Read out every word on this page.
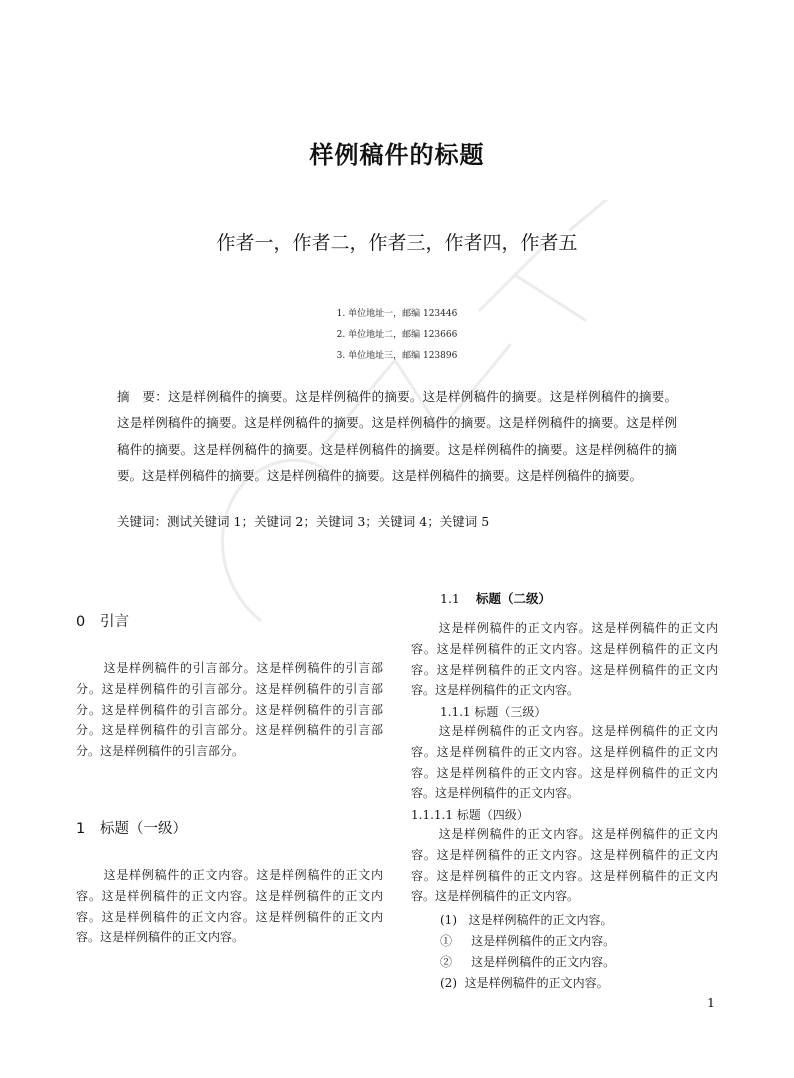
样例稿件的标题
作者一，作者二，作者三，作者四，作者五
1. 单位地址一，邮编 123446
2. 单位地址二，邮编 123666
3. 单位地址三，邮编 123896
摘　要：这是样例稿件的摘要。这是样例稿件的摘要。这是样例稿件的摘要。这是样例稿件的摘要。这是样例稿件的摘要。这是样例稿件的摘要。这是样例稿件的摘要。这是样例稿件的摘要。这是样例稿件的摘要。这是样例稿件的摘要。这是样例稿件的摘要。这是样例稿件的摘要。这是样例稿件的摘要。这是样例稿件的摘要。这是样例稿件的摘要。这是样例稿件的摘要。这是样例稿件的摘要。
关键词：测试关键词 1；关键词 2；关键词 3；关键词 4；关键词 5
0 引言

这是样例稿件的引言部分。这是样例稿件的引言部分。这是样例稿件的引言部分。这是样例稿件的引言部分。这是样例稿件的引言部分。这是样例稿件的引言部分。这是样例稿件的引言部分。这是样例稿件的引言部分。这是样例稿件的引言部分。

1 标题（一级）

这是样例稿件的正文内容。这是样例稿件的正文内容。这是样例稿件的正文内容。这是样例稿件的正文内容。这是样例稿件的正文内容。这是样例稿件的正文内容。这是样例稿件的正文内容。

1.1 标题（二级）

这是样例稿件的正文内容。这是样例稿件的正文内容。这是样例稿件的正文内容。这是样例稿件的正文内容。这是样例稿件的正文内容。这是样例稿件的正文内容。这是样例稿件的正文内容。

1.1.1 标题（三级）

这是样例稿件的正文内容。这是样例稿件的正文内容。这是样例稿件的正文内容。这是样例稿件的正文内容。这是样例稿件的正文内容。这是样例稿件的正文内容。这是样例稿件的正文内容。

1.1.1.1 标题（四级）

这是样例稿件的正文内容。这是样例稿件的正文内容。这是样例稿件的正文内容。这是样例稿件的正文内容。这是样例稿件的正文内容。这是样例稿件的正文内容。这是样例稿件的正文内容。

(1)   这是样例稿件的正文内容。
①     这是样例稿件的正文内容。
②     这是样例稿件的正文内容。
(2)  这是样例稿件的正文内容。
1
